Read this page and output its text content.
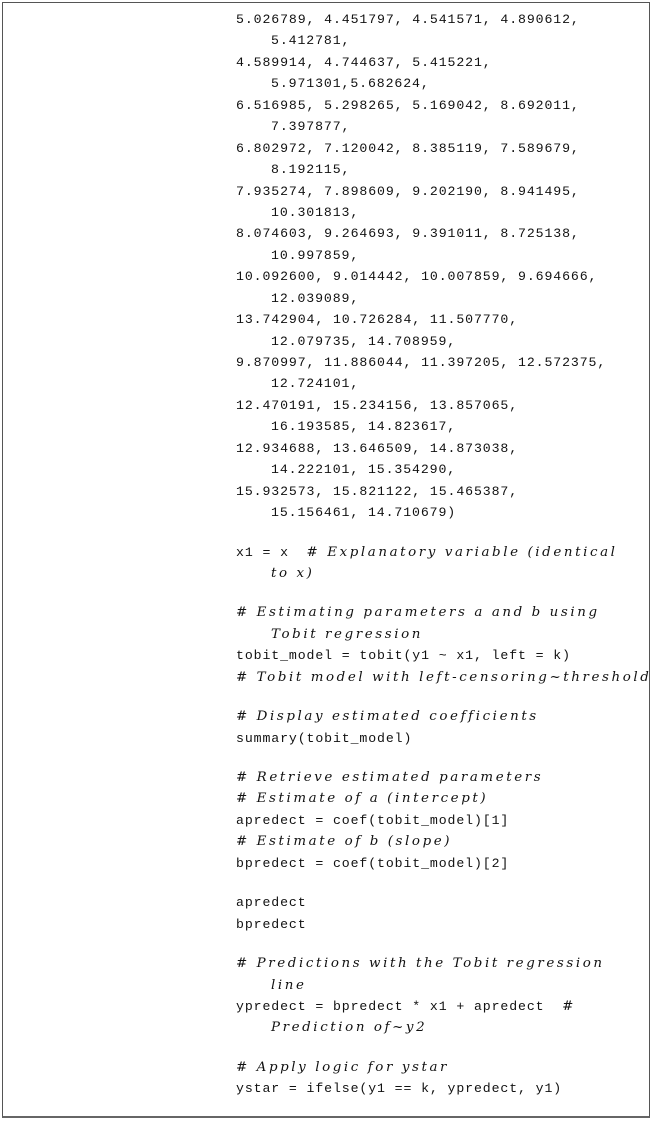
5.026789, 4.451797, 4.541571, 4.890612,
5.412781,
4.589914, 4.744637, 5.415221,
5.971301,5.682624,
6.516985, 5.298265, 5.169042, 8.692011,
7.397877,
6.802972, 7.120042, 8.385119, 7.589679,
8.192115,
7.935274, 7.898609, 9.202190, 8.941495,
10.301813,
8.074603, 9.264693, 9.391011, 8.725138,
10.997859,
10.092600, 9.014442, 10.007859, 9.694666,
12.039089,
13.742904, 10.726284, 11.507770,
12.079735, 14.708959,
9.870997, 11.886044, 11.397205, 12.572375,
12.724101,
12.470191, 15.234156, 13.857065,
16.193585, 14.823617,
12.934688, 13.646509, 14.873038,
14.222101, 15.354290,
15.932573, 15.821122, 15.465387,
15.156461, 14.710679)
x1 = x  # Explanatory variable (identical
to x)
# Estimating parameters a and b using
Tobit regression
tobit_model = tobit(y1 ~ x1, left = k)
# Tobit model with left-censoring~threshold
# Display estimated coefficients
summary(tobit_model)
# Retrieve estimated parameters
# Estimate of a (intercept)
apredect = coef(tobit_model)[1]
# Estimate of b (slope)
bpredect = coef(tobit_model)[2]
apredect
bpredect
# Predictions with the Tobit regression
line
ypredect = bpredect * x1 + apredect  #
Prediction of~y2
# Apply logic for ystar
ystar = ifelse(y1 == k, ypredect, y1)
